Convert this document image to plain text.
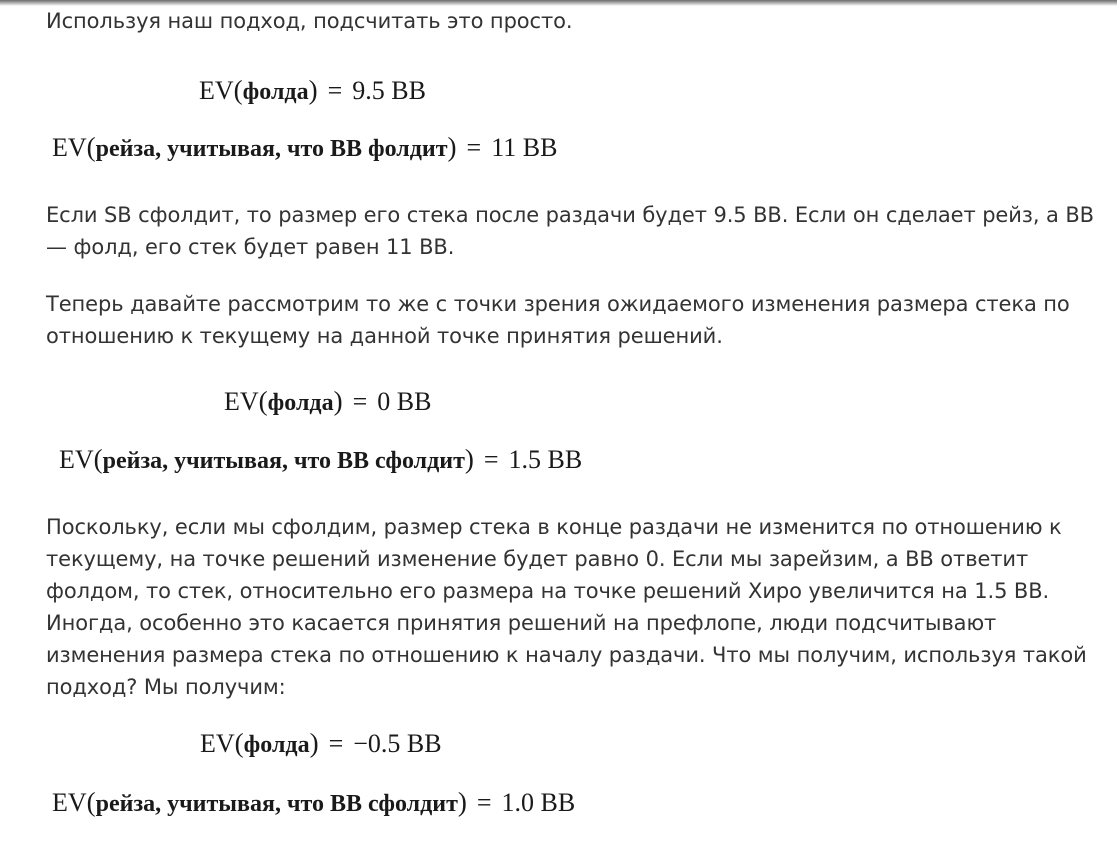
Используя наш подход, подсчитать это просто.
EV(фолда) = 9.5 BB
EV(рейза, учитывая, что BB фолдит) = 11 BB
Если SB сфолдит, то размер его стека после раздачи будет 9.5 BB. Если он сделает рейз, а BB — фолд, его стек будет равен 11 BB.
Теперь давайте рассмотрим то же с точки зрения ожидаемого изменения размера стека по отношению к текущему на данной точке принятия решений.
EV(фолда) = 0 BB
EV(рейза, учитывая, что BB сфолдит) = 1.5 BB
Поскольку, если мы сфолдим, размер стека в конце раздачи не изменится по отношению к текущему, на точке решений изменение будет равно 0. Если мы зарейзим, а BB ответит фолдом, то стек, относительно его размера на точке решений Хиро увеличится на 1.5 BB. Иногда, особенно это касается принятия решений на префлопе, люди подсчитывают изменения размера стека по отношению к началу раздачи. Что мы получим, используя такой подход? Мы получим:
EV(фолда) = −0.5 BB
EV(рейза, учитывая, что BB сфолдит) = 1.0 BB
